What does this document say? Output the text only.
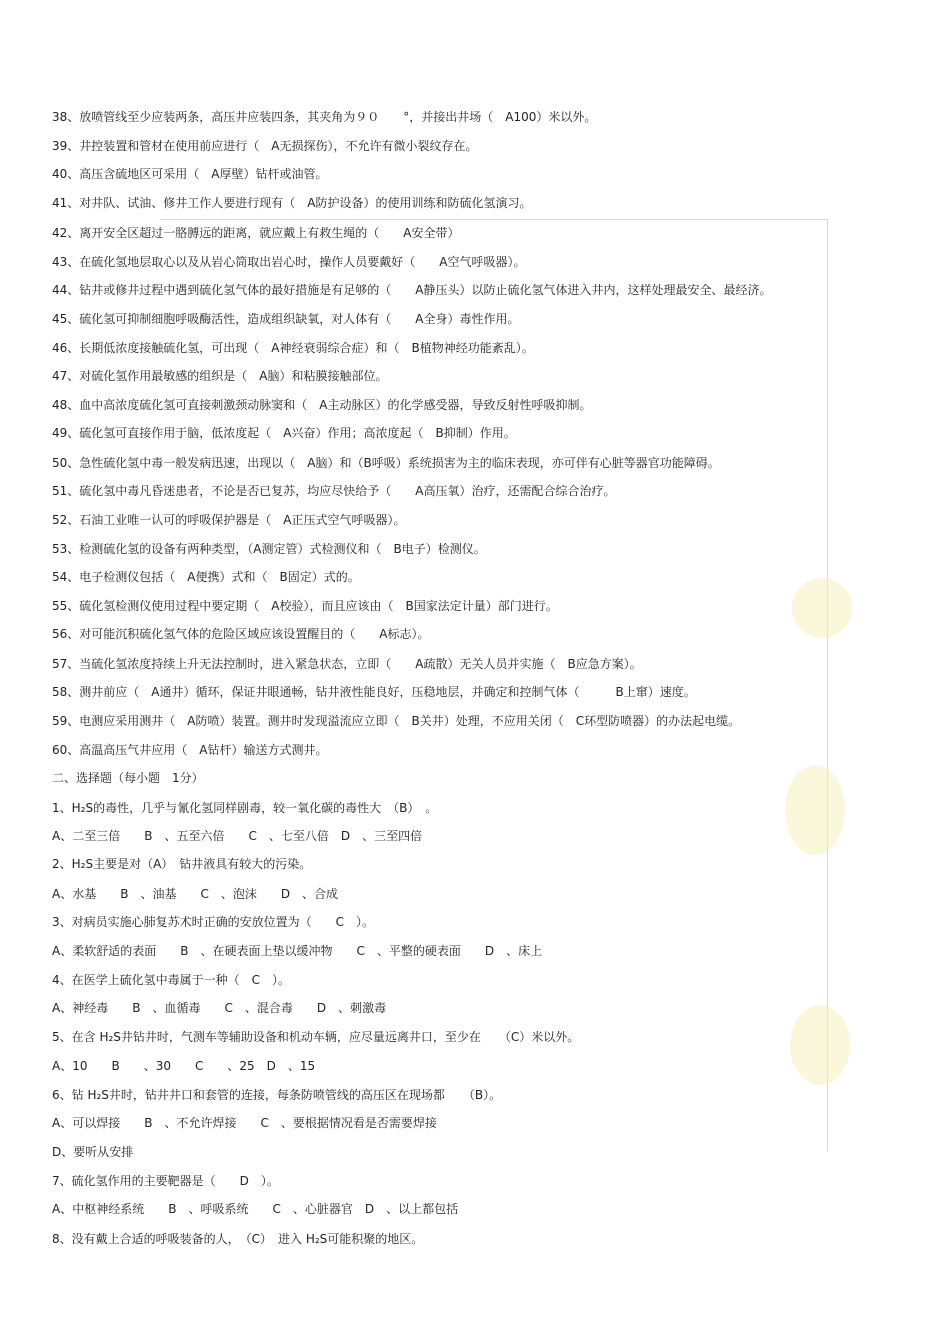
38、放喷管线至少应装两条，高压井应装四条，其夹角为９０　　°，并接出井场（　A100）米以外。
39、井控装置和管材在使用前应进行（　A无损探伤），不允许有微小裂纹存在。
40、高压含硫地区可采用（　A厚壁）钻杆或油管。
41、对井队、试油、修井工作人要进行现有（　A防护设备）的使用训练和防硫化氢演习。
42、离开安全区超过一胳膊远的距离，就应戴上有救生绳的（　　A安全带）
43、在硫化氢地层取心以及从岩心筒取出岩心时，操作人员要戴好（　　A空气呼吸器）。
44、钻井或修井过程中遇到硫化氢气体的最好措施是有足够的（　　A静压头）以防止硫化氢气体进入井内，这样处理最安全、最经济。
45、硫化氢可抑制细胞呼吸酶活性，造成组织缺氧，对人体有（　　A全身）毒性作用。
46、长期低浓度接触硫化氢，可出现（　A神经衰弱综合症）和（　B植物神经功能紊乱）。
47、对硫化氢作用最敏感的组织是（　A脑）和粘膜接触部位。
48、血中高浓度硫化氢可直接刺激颈动脉窦和（　A主动脉区）的化学感受器，导致反射性呼吸抑制。
49、硫化氢可直接作用于脑，低浓度起（　A兴奋）作用；高浓度起（　B抑制）作用。
50、急性硫化氢中毒一般发病迅速，出现以（　A脑）和（B呼吸）系统损害为主的临床表现，亦可伴有心脏等器官功能障碍。
51、硫化氢中毒凡昏迷患者，不论是否已复苏，均应尽快给予（　　A高压氧）治疗，还需配合综合治疗。
52、石油工业唯一认可的呼吸保护器是（　A正压式空气呼吸器）。
53、检测硫化氢的设备有两种类型，（A测定管）式检测仪和（　B电子）检测仪。
54、电子检测仪包括（　A便携）式和（　B固定）式的。
55、硫化氢检测仪使用过程中要定期（　A校验），而且应该由（　B国家法定计量）部门进行。
56、对可能沉积硫化氢气体的危险区域应该设置醒目的（　　A标志）。
57、当硫化氢浓度持续上升无法控制时，进入紧急状态，立即（　　A疏散）无关人员并实施（　B应急方案）。
58、测井前应（　A通井）循环，保证井眼通畅，钻井液性能良好，压稳地层，并确定和控制气体（　　　B上窜）速度。
59、电测应采用测井（　A防喷）装置。测井时发现溢流应立即（　B关井）处理，不应用关闭（　C环型防喷器）的办法起电缆。
60、高温高压气井应用（　A钻杆）输送方式测井。
二、选择题（每小题　1分）
1、H₂S的毒性，几乎与氰化氢同样剧毒，较一氧化碳的毒性大　（B）　。
A、二至三倍　　B　、五至六倍　　C　、七至八倍　D　、三至四倍
2、H₂S主要是对（A）　钻井液具有较大的污染。
A、水基　　B　、油基　　C　、泡沫　　D　、合成
3、对病员实施心肺复苏术时正确的安放位置为（　　C　）。
A、柔软舒适的表面　　B　、在硬表面上垫以缓冲物　　C　、平整的硬表面　　D　、床上
4、在医学上硫化氢中毒属于一种（　C　）。
A、神经毒　　B　、血循毒　　C　、混合毒　　D　、刺激毒
5、在含 H₂S井钻井时，气测车等辅助设备和机动车辆，应尽量远离井口，至少在　　（C）米以外。
A、10　　B　　、30　　C　　、25　D　、15
6、钻 H₂S井时，钻井井口和套管的连接，每条防喷管线的高压区在现场都　　（B）。
A、可以焊接　　B　、不允许焊接　　C　、要根据情况看是否需要焊接
D、要听从安排
7、硫化氢作用的主要靶器是（　　D　）。
A、中枢神经系统　　B　、呼吸系统　　C　、心脏器官　D　、以上都包括
8、没有戴上合适的呼吸装备的人，　（C）　进入 H₂S可能积聚的地区。
